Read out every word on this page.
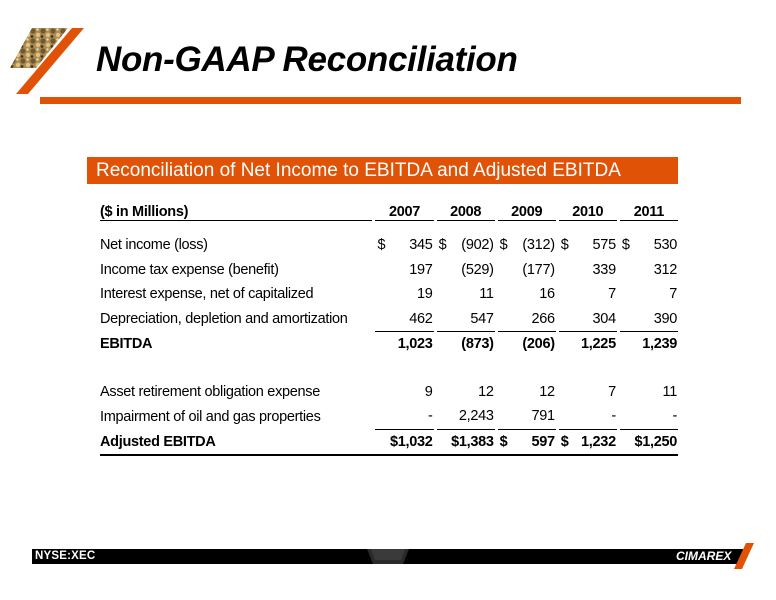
Non-GAAP Reconciliation
Reconciliation of Net Income to EBITDA and Adjusted EBITDA
($ in Millions)		2007		2008		2009		2010		2011

Net income (loss)		$ 345		$ (902)		$ (312)		$ 575		$ 530
Income tax expense (benefit)		197		(529)		(177)		339		312
Interest expense, net of capitalized		19		11		16		7		7
Depreciation, depletion and amortization		462		547		266		304		390
EBITDA		1,023		(873)		(206)		1,225		1,239

Asset retirement obligation expense		9		12		12		7		11
Impairment of oil and gas properties		-		2,243		791		-		-
Adjusted EBITDA		$1,032		$1,383		$ 597		$ 1,232		$1,250
NYSE:XEC	CIMAREX
